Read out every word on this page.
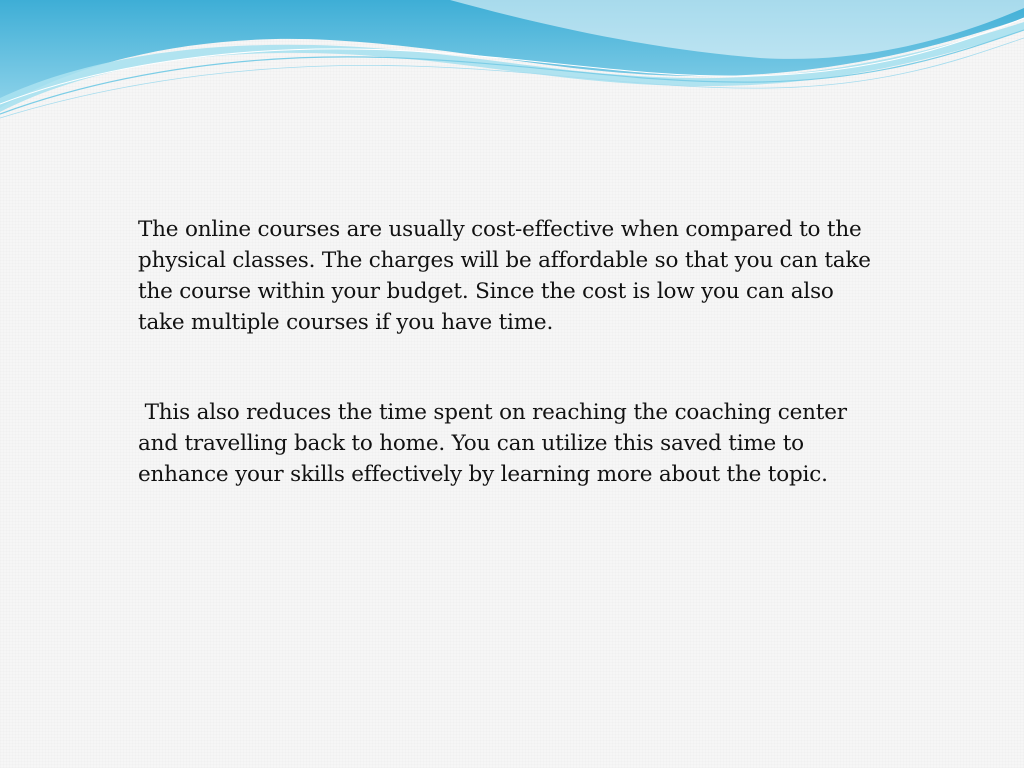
The online courses are usually cost-effective when compared to the physical classes. The charges will be affordable so that you can take the course within your budget. Since the cost is low you can also take multiple courses if you have time.

This also reduces the time spent on reaching the coaching center and travelling back to home. You can utilize this saved time to enhance your skills effectively by learning more about the topic.
